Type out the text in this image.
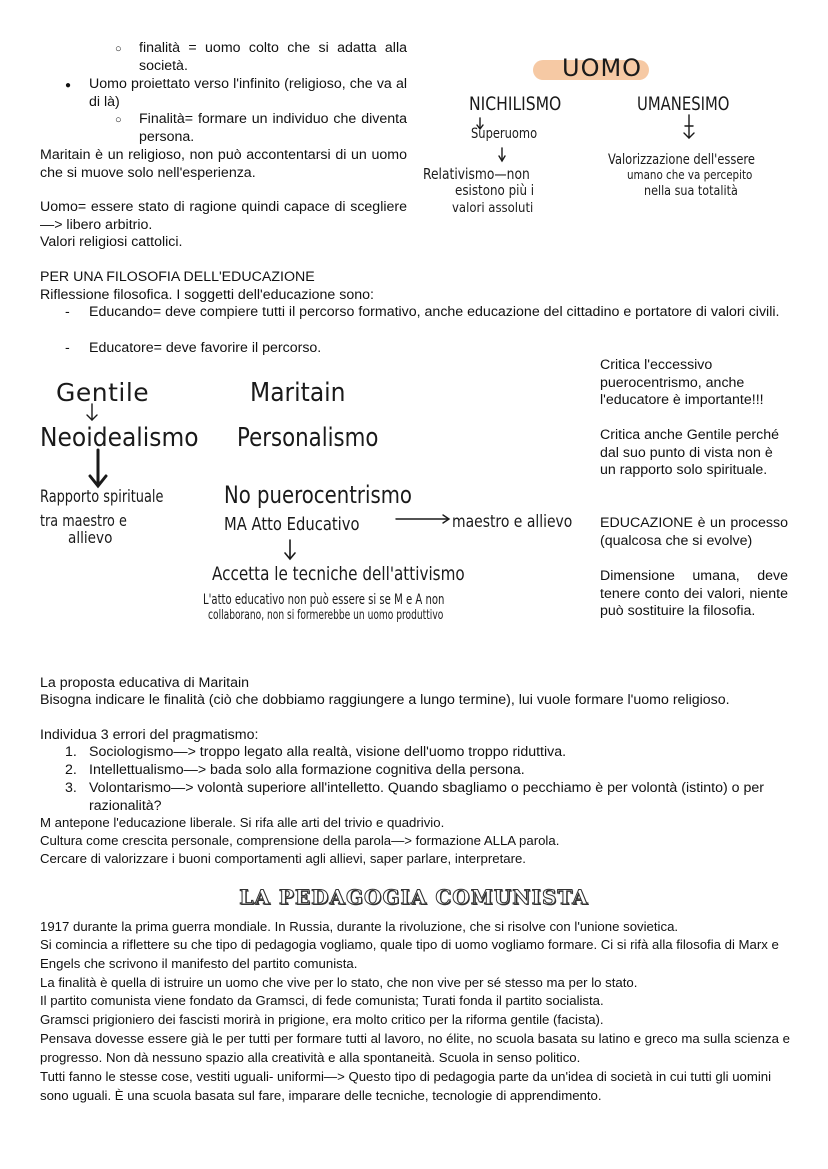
○ finalità = uomo colto che si adatta alla società.
● Uomo proiettato verso l'infinito (religioso, che va al di là)
○ Finalità= formare un individuo che diventa persona.
Maritain è un religioso, non può accontentarsi di un uomo che si muove solo nell'esperienza.
Uomo= essere stato di ragione quindi capace di scegliere—> libero arbitrio.
Valori religiosi cattolici.
UOMO
NICHILISMO	UMANESIMO
Superuomo
Relativismo—non
esistono più i
valori assoluti
Valorizzazione dell'essere
umano che va percepito
nella sua totalità
PER UNA FILOSOFIA DELL'EDUCAZIONE
Riflessione filosofica. I soggetti dell'educazione sono:
- Educando= deve compiere tutti il percorso formativo, anche educazione del cittadino e portatore di valori civili.
- Educatore= deve favorire il percorso.
Gentile
Neoidealismo
Rapporto spirituale
tra maestro e
allievo
Maritain
Personalismo
No puerocentrismo
MA Atto Educativo	maestro e allievo
Accetta le tecniche dell'attivismo
L'atto educativo non può essere si se M e A non
collaborano, non si formerebbe un uomo produttivo
Critica l'eccessivo puerocentrismo, anche l'educatore è importante!!!
Critica anche Gentile perché dal suo punto di vista non è un rapporto solo spirituale.
EDUCAZIONE è un processo (qualcosa che si evolve)
Dimensione umana, deve tenere conto dei valori, niente può sostituire la filosofia.
La proposta educativa di Maritain
Bisogna indicare le finalità (ciò che dobbiamo raggiungere a lungo termine), lui vuole formare l'uomo religioso.
Individua 3 errori del pragmatismo:
1. Sociologismo—> troppo legato alla realtà, visione dell'uomo troppo riduttiva.
2. Intellettualismo—> bada solo alla formazione cognitiva della persona.
3. Volontarismo—> volontà superiore all'intelletto. Quando sbagliamo o pecchiamo è per volontà (istinto) o per razionalità?
M antepone l'educazione liberale. Si rifa alle arti del trivio e quadrivio.
Cultura come crescita personale, comprensione della parola—> formazione ALLA parola.
Cercare di valorizzare i buoni comportamenti agli allievi, saper parlare, interpretare.
LA PEDAGOGIA COMUNISTA
1917 durante la prima guerra mondiale. In Russia, durante la rivoluzione, che si risolve con l'unione sovietica.
Si comincia a riflettere su che tipo di pedagogia vogliamo, quale tipo di uomo vogliamo formare. Ci si rifà alla filosofia di Marx e Engels che scrivono il manifesto del partito comunista.
La finalità è quella di istruire un uomo che vive per lo stato, che non vive per sé stesso ma per lo stato.
Il partito comunista viene fondato da Gramsci, di fede comunista; Turati fonda il partito socialista.
Gramsci prigioniero dei fascisti morirà in prigione, era molto critico per la riforma gentile (facista).
Pensava dovesse essere già le per tutti per formare tutti al lavoro, no élite, no scuola basata su latino e greco ma sulla scienza e progresso. Non dà nessuno spazio alla creatività e alla spontaneità. Scuola in senso politico.
Tutti fanno le stesse cose, vestiti uguali- uniformi—> Questo tipo di pedagogia parte da un'idea di società in cui tutti gli uomini sono uguali. È una scuola basata sul fare, imparare delle tecniche, tecnologie di apprendimento.
